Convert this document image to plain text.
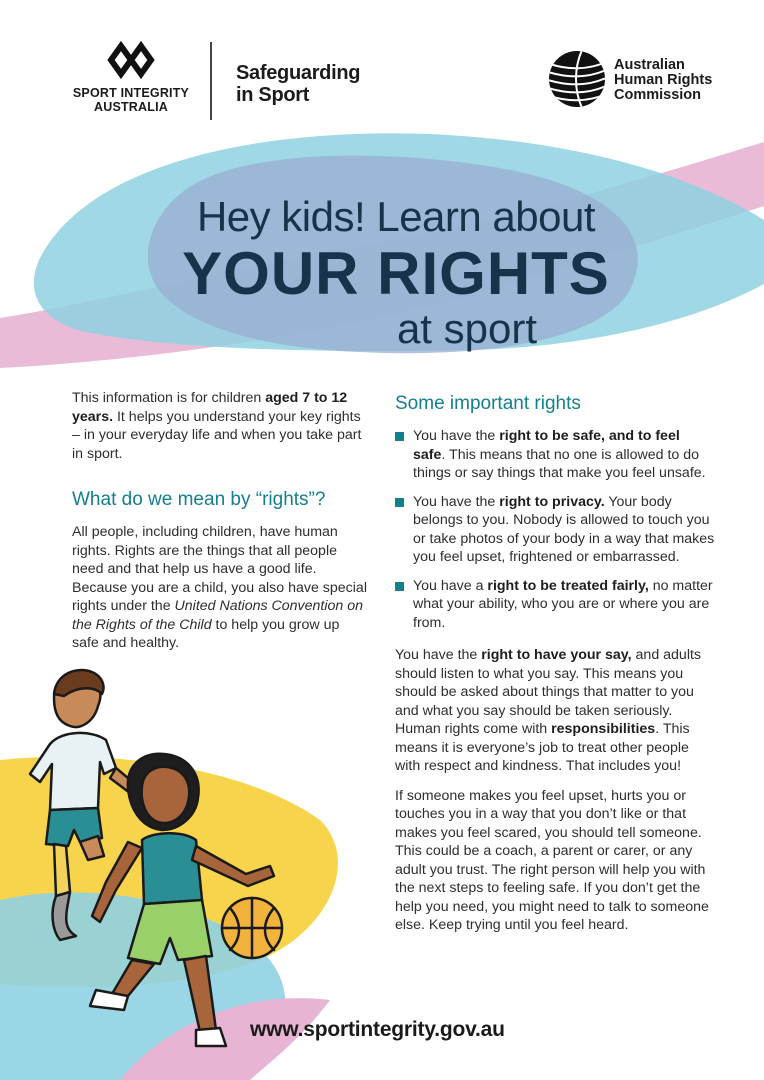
SPORT INTEGRITY
AUSTRALIA
Safeguarding
in Sport
Australian
Human Rights
Commission
Hey kids! Learn about
YOUR RIGHTS
at sport

This information is for children aged 7 to 12 years. It helps you understand your key rights – in your everyday life and when you take part in sport.

What do we mean by “rights”?

All people, including children, have human rights. Rights are the things that all people need and that help us have a good life. Because you are a child, you also have special rights under the United Nations Convention on the Rights of the Child to help you grow up safe and healthy.

Some important rights
You have the right to be safe, and to feel safe. This means that no one is allowed to do things or say things that make you feel unsafe.
You have the right to privacy. Your body belongs to you. Nobody is allowed to touch you or take photos of your body in a way that makes you feel upset, frightened or embarrassed.
You have a right to be treated fairly, no matter what your ability, who you are or where you are from.

You have the right to have your say, and adults should listen to what you say. This means you should be asked about things that matter to you and what you say should be taken seriously. Human rights come with responsibilities. This means it is everyone’s job to treat other people with respect and kindness. That includes you!

If someone makes you feel upset, hurts you or touches you in a way that you don’t like or that makes you feel scared, you should tell someone. This could be a coach, a parent or carer, or any adult you trust. The right person will help you with the next steps to feeling safe. If you don’t get the help you need, you might need to talk to someone else. Keep trying until you feel heard.

www.sportintegrity.gov.au
